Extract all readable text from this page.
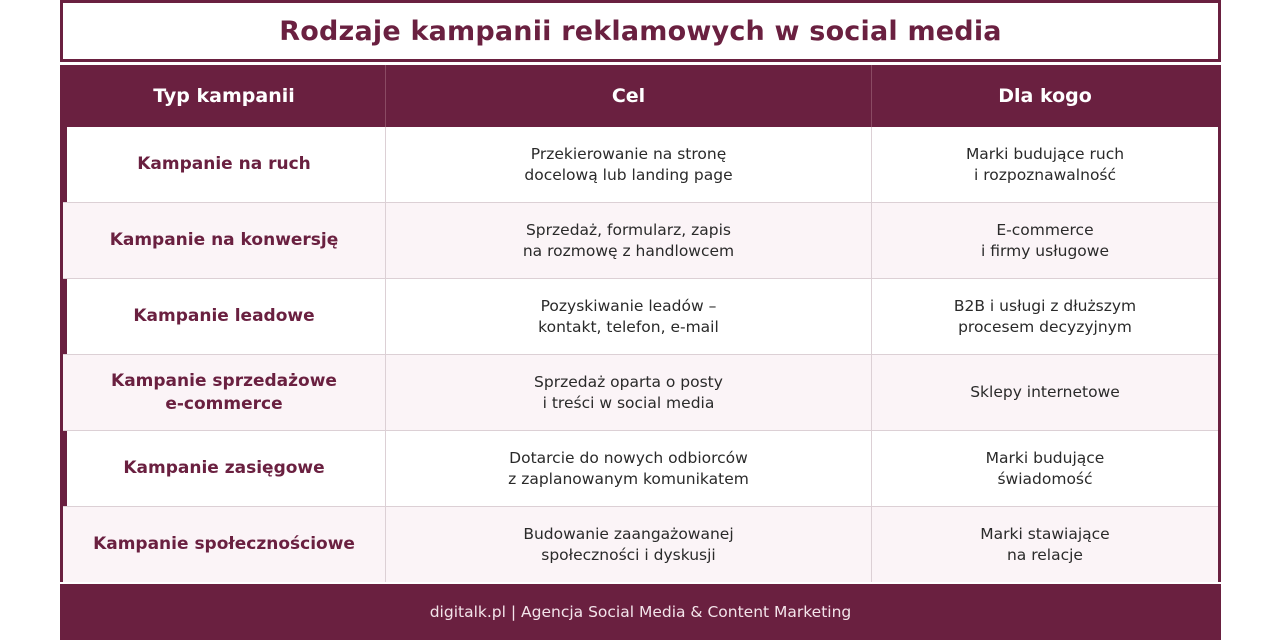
Rodzaje kampanii reklamowych w social media
Typ kampanii	Cel	Dla kogo
Kampanie na ruch
Przekierowanie na stronę
docelową lub landing page
Marki budujące ruch
i rozpoznawalność
Kampanie na konwersję
Sprzedaż, formularz, zapis
na rozmowę z handlowcem
E-commerce
i firmy usługowe
Kampanie leadowe
Pozyskiwanie leadów –
kontakt, telefon, e-mail
B2B i usługi z dłuższym
procesem decyzyjnym
Kampanie sprzedażowe
e-commerce
Sprzedaż oparta o posty
i treści w social media
Sklepy internetowe
Kampanie zasięgowe
Dotarcie do nowych odbiorców
z zaplanowanym komunikatem
Marki budujące
świadomość
Kampanie społecznościowe
Budowanie zaangażowanej
społeczności i dyskusji
Marki stawiające
na relacje
digitalk.pl | Agencja Social Media & Content Marketing
